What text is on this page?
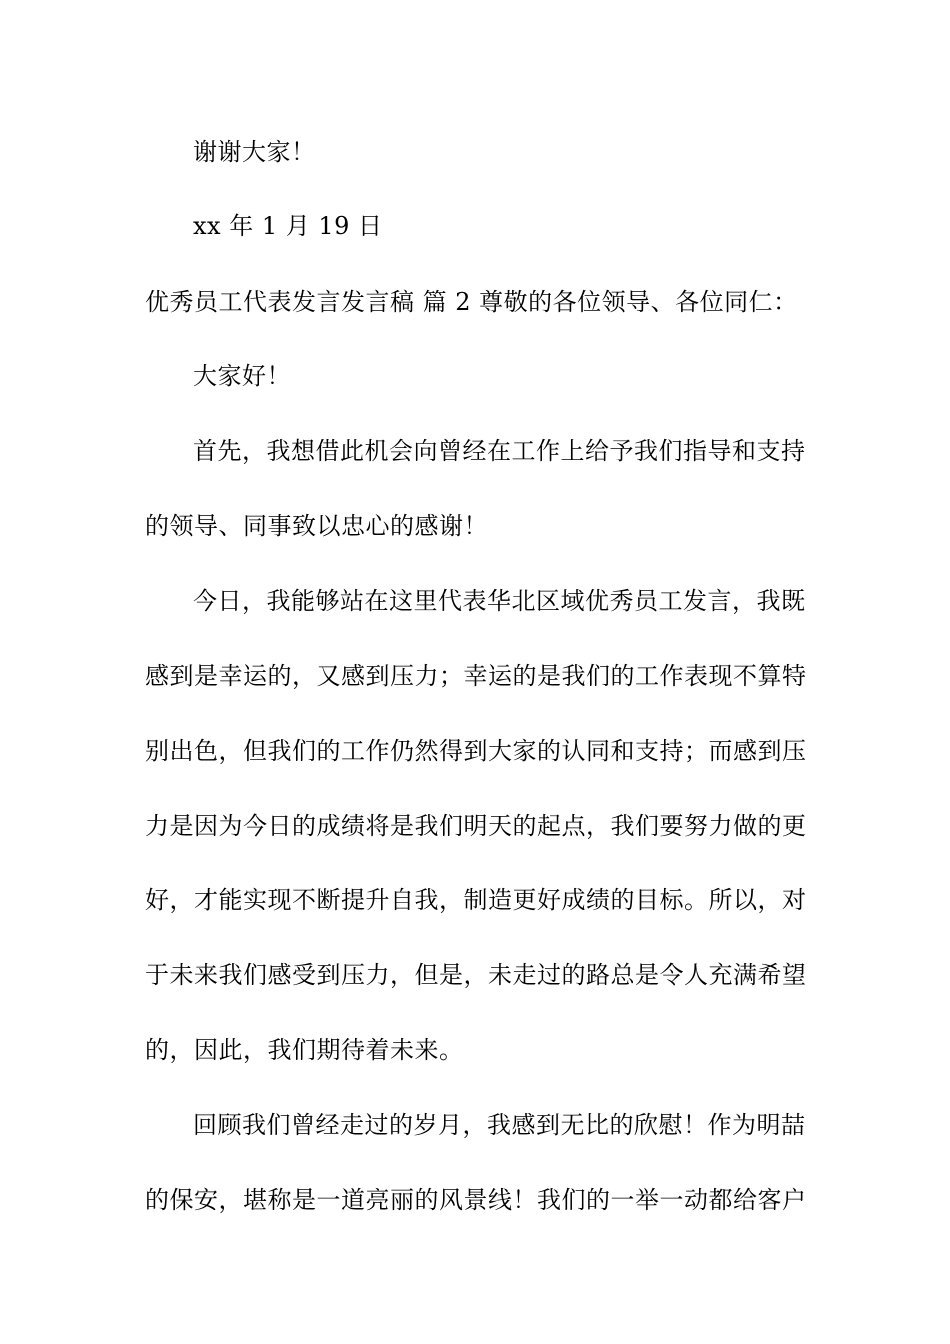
谢谢大家！
xx 年 1 月 19 日
优秀员工代表发言发言稿 篇 2 尊敬的各位领导、各位同仁：
大家好！
首先，我想借此机会向曾经在工作上给予我们指导和支持
的领导、同事致以忠心的感谢！
今日，我能够站在这里代表华北区域优秀员工发言，我既
感到是幸运的，又感到压力；幸运的是我们的工作表现不算特
别出色，但我们的工作仍然得到大家的认同和支持；而感到压
力是因为今日的成绩将是我们明天的起点，我们要努力做的更
好，才能实现不断提升自我，制造更好成绩的目标。所以，对
于未来我们感受到压力，但是，未走过的路总是令人充满希望
的，因此，我们期待着未来。
回顾我们曾经走过的岁月，我感到无比的欣慰！作为明喆
的保安，堪称是一道亮丽的风景线！我们的一举一动都给客户
